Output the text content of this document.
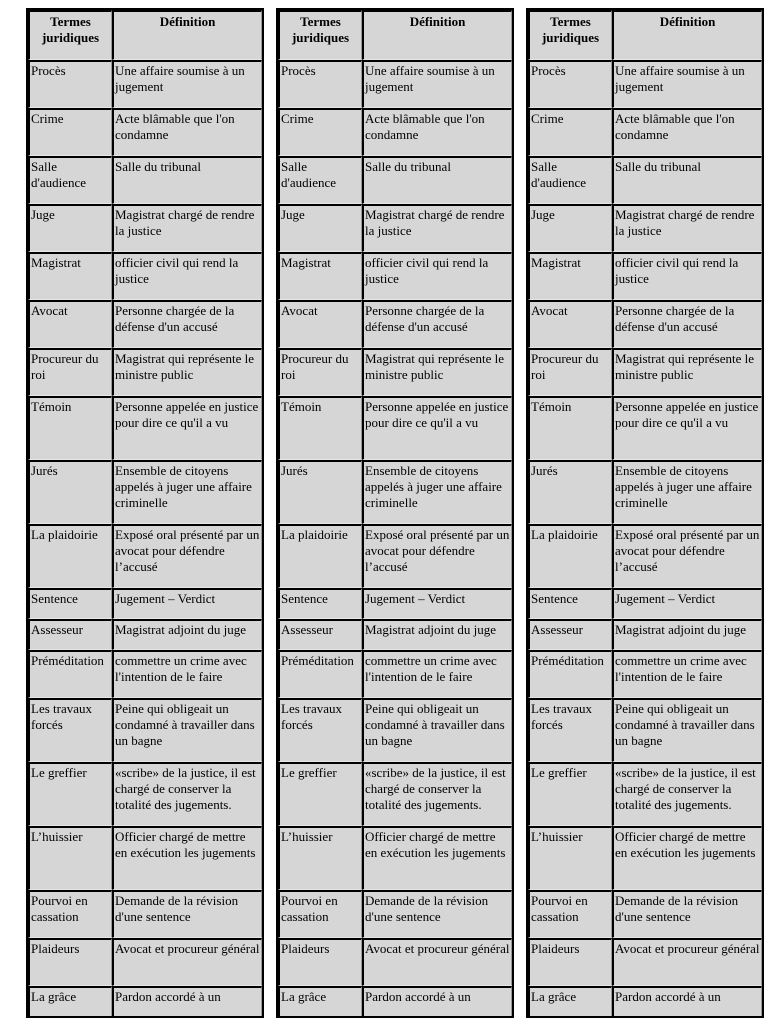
Termes juridiques	Définition
Procès	Une affaire soumise à un jugement
Crime	Acte blâmable que l'on condamne
Salle d'audience	Salle du tribunal
Juge	Magistrat chargé de rendre la justice
Magistrat	officier civil qui rend la justice
Avocat	Personne chargée de la défense d'un accusé
Procureur du roi	Magistrat qui représente le ministre public
Témoin	Personne appelée en justice pour dire ce qu'il a vu
Jurés	Ensemble de citoyens appelés à juger une affaire criminelle
La plaidoirie	Exposé oral présenté par un avocat pour défendre l’accusé
Sentence	Jugement – Verdict
Assesseur	Magistrat adjoint du juge
Préméditation	commettre un crime avec l'intention de le faire
Les travaux forcés	Peine qui obligeait un condamné à travailler dans un bagne
Le greffier	«scribe» de la justice, il est chargé de conserver la totalité des jugements.
L’huissier	Officier chargé de mettre en exécution les jugements
Pourvoi en cassation	Demande de la révision d'une sentence
Plaideurs	Avocat et procureur général
La grâce	Pardon accordé à un
Termes juridiques	Définition
Procès	Une affaire soumise à un jugement
Crime	Acte blâmable que l'on condamne
Salle d'audience	Salle du tribunal
Juge	Magistrat chargé de rendre la justice
Magistrat	officier civil qui rend la justice
Avocat	Personne chargée de la défense d'un accusé
Procureur du roi	Magistrat qui représente le ministre public
Témoin	Personne appelée en justice pour dire ce qu'il a vu
Jurés	Ensemble de citoyens appelés à juger une affaire criminelle
La plaidoirie	Exposé oral présenté par un avocat pour défendre l’accusé
Sentence	Jugement – Verdict
Assesseur	Magistrat adjoint du juge
Préméditation	commettre un crime avec l'intention de le faire
Les travaux forcés	Peine qui obligeait un condamné à travailler dans un bagne
Le greffier	«scribe» de la justice, il est chargé de conserver la totalité des jugements.
L’huissier	Officier chargé de mettre en exécution les jugements
Pourvoi en cassation	Demande de la révision d'une sentence
Plaideurs	Avocat et procureur général
La grâce	Pardon accordé à un
Termes juridiques	Définition
Procès	Une affaire soumise à un jugement
Crime	Acte blâmable que l'on condamne
Salle d'audience	Salle du tribunal
Juge	Magistrat chargé de rendre la justice
Magistrat	officier civil qui rend la justice
Avocat	Personne chargée de la défense d'un accusé
Procureur du roi	Magistrat qui représente le ministre public
Témoin	Personne appelée en justice pour dire ce qu'il a vu
Jurés	Ensemble de citoyens appelés à juger une affaire criminelle
La plaidoirie	Exposé oral présenté par un avocat pour défendre l’accusé
Sentence	Jugement – Verdict
Assesseur	Magistrat adjoint du juge
Préméditation	commettre un crime avec l'intention de le faire
Les travaux forcés	Peine qui obligeait un condamné à travailler dans un bagne
Le greffier	«scribe» de la justice, il est chargé de conserver la totalité des jugements.
L’huissier	Officier chargé de mettre en exécution les jugements
Pourvoi en cassation	Demande de la révision d'une sentence
Plaideurs	Avocat et procureur général
La grâce	Pardon accordé à un
